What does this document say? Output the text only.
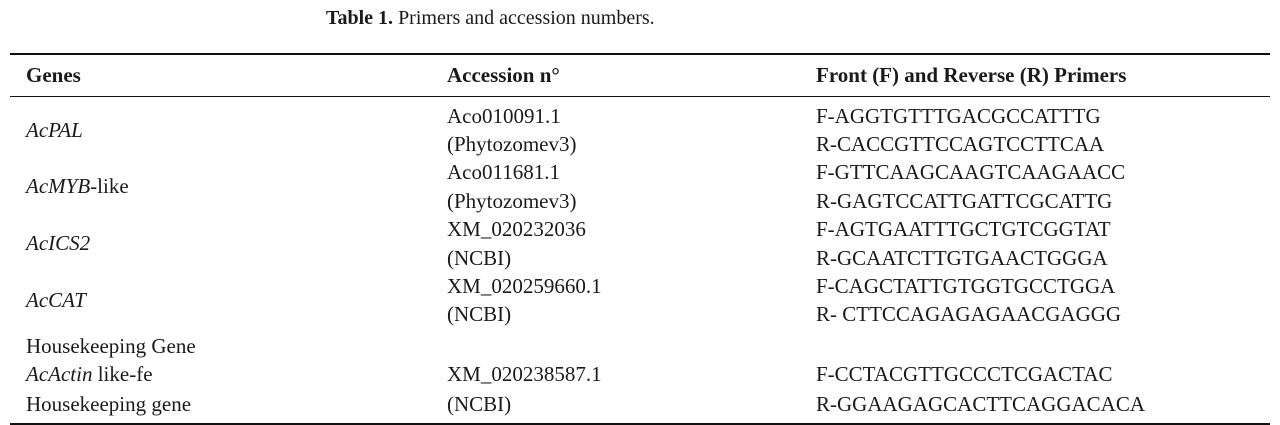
Table 1. Primers and accession numbers.
Genes	Accession n°	Front (F) and Reverse (R) Primers
AcPAL
Aco010091.1
(Phytozomev3)
F-AGGTGTTTGACGCCATTTG
R-CACCGTTCCAGTCCTTCAA
AcMYB-like
Aco011681.1
(Phytozomev3)
F-GTTCAAGCAAGTCAAGAACC
R-GAGTCCATTGATTCGCATTG
AcICS2
XM_020232036
(NCBI)
F-AGTGAATTTGCTGTCGGTAT
R-GCAATCTTGTGAACTGGGA
AcCAT
XM_020259660.1
(NCBI)
F-CAGCTATTGTGGTGCCTGGA
R- CTTCCAGAGAGAACGAGGG
Housekeeping Gene
AcActin like-fe
Housekeeping gene
XM_020238587.1
(NCBI)
F-CCTACGTTGCCCTCGACTAC
R-GGAAGAGCACTTCAGGACACA
